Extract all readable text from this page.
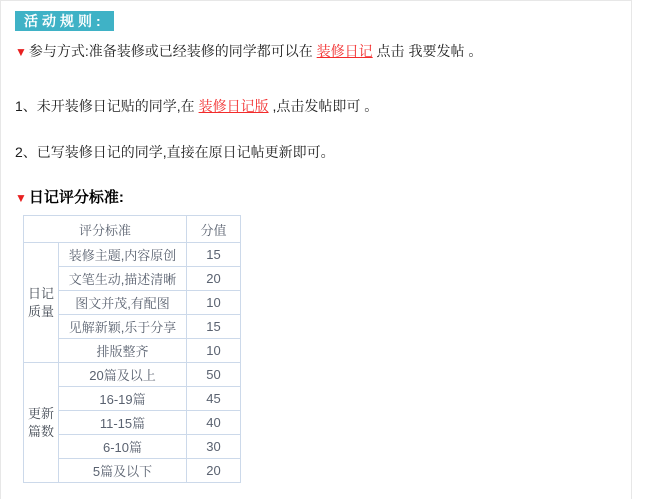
活动规则:

▼ 参与方式:准备装修或已经装修的同学都可以在 装修日记 点击 我要发帖 。

1、未开装修日记贴的同学,在 装修日记版 ,点击发帖即可 。

2、已写装修日记的同学,直接在原日记帖更新即可。

▼ 日记评分标准:

评分标准		分值
日记质量	装修主题,内容原创	15
	文笔生动,描述清晰	20
	图文并茂,有配图	10
	见解新颖,乐于分享	15
	排版整齐	10
更新篇数	20篇及以上	50
	16-19篇	45
	11-15篇	40
	6-10篇	30
	5篇及以下	20
